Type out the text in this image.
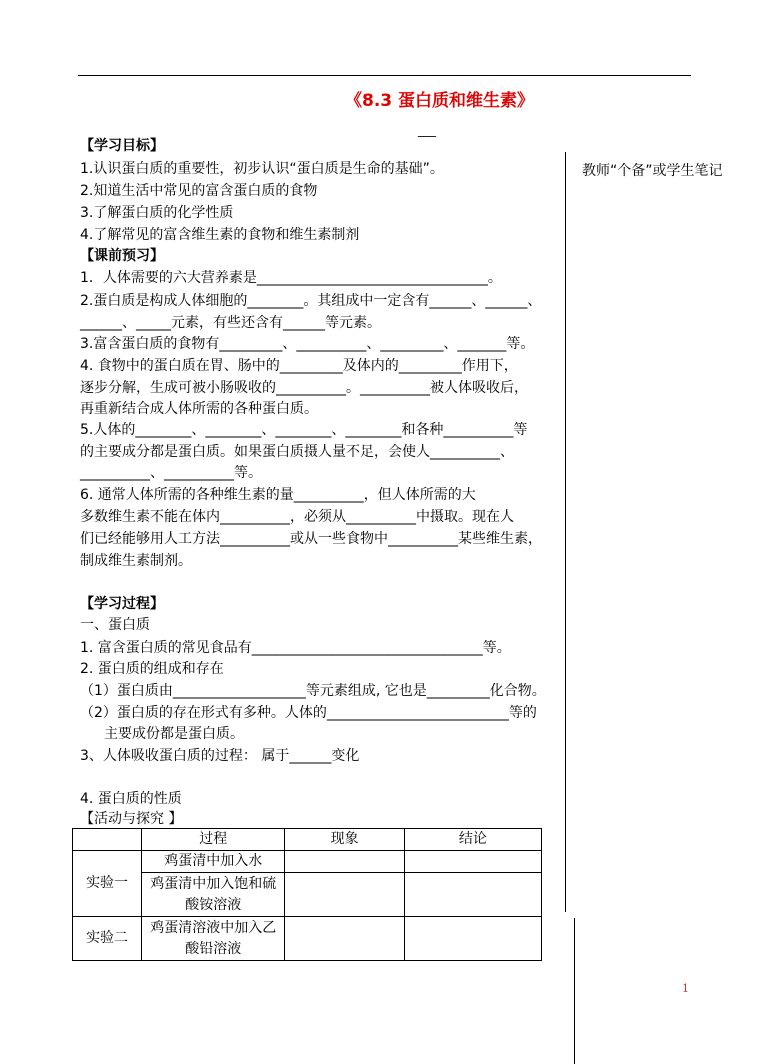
《8.3 蛋白质和维生素》
___
教师“个备”或学生笔记
【学习目标】
1.认识蛋白质的重要性，初步认识“蛋白质是生命的基础”。
2.知道生活中常见的富含蛋白质的食物
3.了解蛋白质的化学性质
4.了解常见的富含维生素的食物和维生素制剂
【课前预习】
1．人体需要的六大营养素是_________________________________。
2.蛋白质是构成人体细胞的________。其组成中一定含有______、______、
______、_____元素，有些还含有______等元素。
3.富含蛋白质的食物有_________、__________、_________、_______等。
4. 食物中的蛋白质在胃、肠中的_________及体内的_________作用下，
逐步分解，生成可被小肠吸收的__________。__________被人体吸收后，
再重新结合成人体所需的各种蛋白质。
5.人体的________、________、________、________和各种__________等
的主要成分都是蛋白质。如果蛋白质摄人量不足，会使人__________、
__________、__________等。
6. 通常人体所需的各种维生素的量__________，但人体所需的大
多数维生素不能在体内__________，必须从__________中摄取。现在人
们已经能够用人工方法__________或从一些食物中__________某些维生素，
制成维生素制剂。
【学习过程】
一、蛋白质
1. 富含蛋白质的常见食品有_________________________________等。
2. 蛋白质的组成和存在
（1）蛋白质由___________________等元素组成, 它也是_________化合物。
（2）蛋白质的存在形式有多种。人体的__________________________等的
主要成份都是蛋白质。
3、人体吸收蛋白质的过程： 属于______变化
4. 蛋白质的性质
【活动与探究 】
	过程	现象	结论
实验一	鸡蛋清中加入水		

	鸡蛋清中加入饱和硫
酸铵溶液		

实验二	鸡蛋清溶液中加入乙
酸铅溶液		

1
